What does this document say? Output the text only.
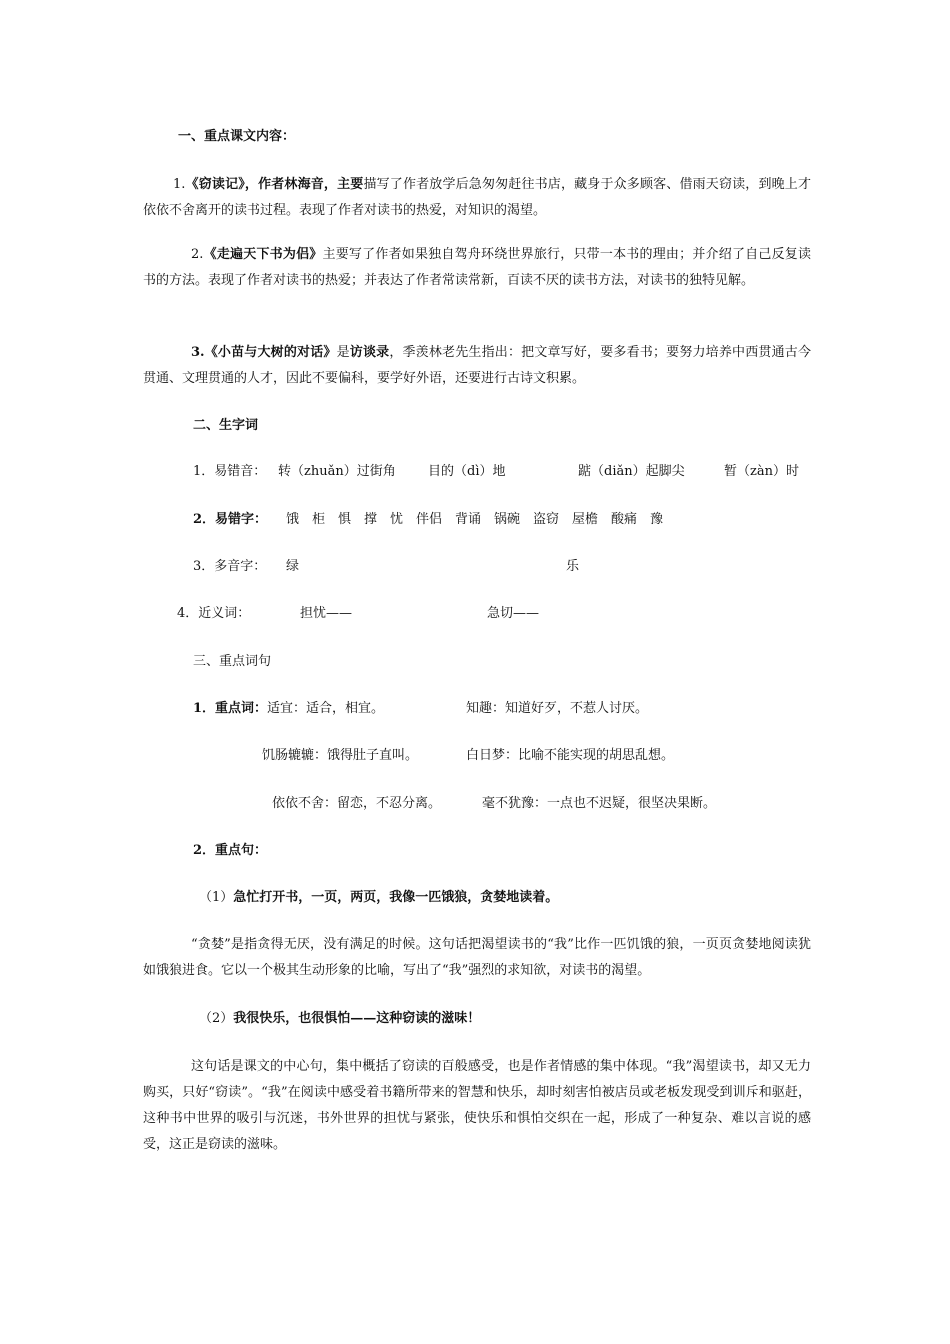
一、重点课文内容：

1.《窃读记》，作者林海音，主要描写了作者放学后急匆匆赶往书店，藏身于众多顾客、借雨天窃读，到晚上才依依不舍离开的读书过程。表现了作者对读书的热爱，对知识的渴望。

2.《走遍天下书为侣》主要写了作者如果独自驾舟环绕世界旅行，只带一本书的理由；并介绍了自己反复读书的方法。表现了作者对读书的热爱；并表达了作者常读常新，百读不厌的读书方法，对读书的独特见解。

3.《小苗与大树的对话》是访谈录，季羡林老先生指出：把文章写好，要多看书；要努力培养中西贯通古今贯通、文理贯通的人才，因此不要偏科，要学好外语，还要进行古诗文积累。

二、生字词

1．易错音： 转（zhuǎn）过街角 目的（dì）地	踮（diǎn）起脚尖	暂（zàn）时

2．易错字： 饿　柜　惧　撑　忧　伴侣　背诵　锅碗　盗窃　屋檐　酸痛　豫

3．多音字： 绿	乐

4．近义词：	担忧——	急切——

三、重点词句

1．重点词： 适宜：适合，相宜。	知趣：知道好歹，不惹人讨厌。

饥肠辘辘：饿得肚子直叫。	白日梦：比喻不能实现的胡思乱想。

依依不舍：留恋，不忍分离。	毫不犹豫：一点也不迟疑，很坚决果断。

2．重点句：

（1）急忙打开书，一页，两页，我像一匹饿狼，贪婪地读着。

“贪婪”是指贪得无厌，没有满足的时候。这句话把渴望读书的“我”比作一匹饥饿的狼，一页页贪婪地阅读犹如饿狼进食。它以一个极其生动形象的比喻，写出了“我”强烈的求知欲，对读书的渴望。

（2）我很快乐，也很惧怕——这种窃读的滋味！

这句话是课文的中心句，集中概括了窃读的百般感受，也是作者情感的集中体现。“我”渴望读书，却又无力购买，只好“窃读”。“我”在阅读中感受着书籍所带来的智慧和快乐，却时刻害怕被店员或老板发现受到训斥和驱赶，这种书中世界的吸引与沉迷，书外世界的担忧与紧张，使快乐和惧怕交织在一起，形成了一种复杂、难以言说的感受，这正是窃读的滋味。
